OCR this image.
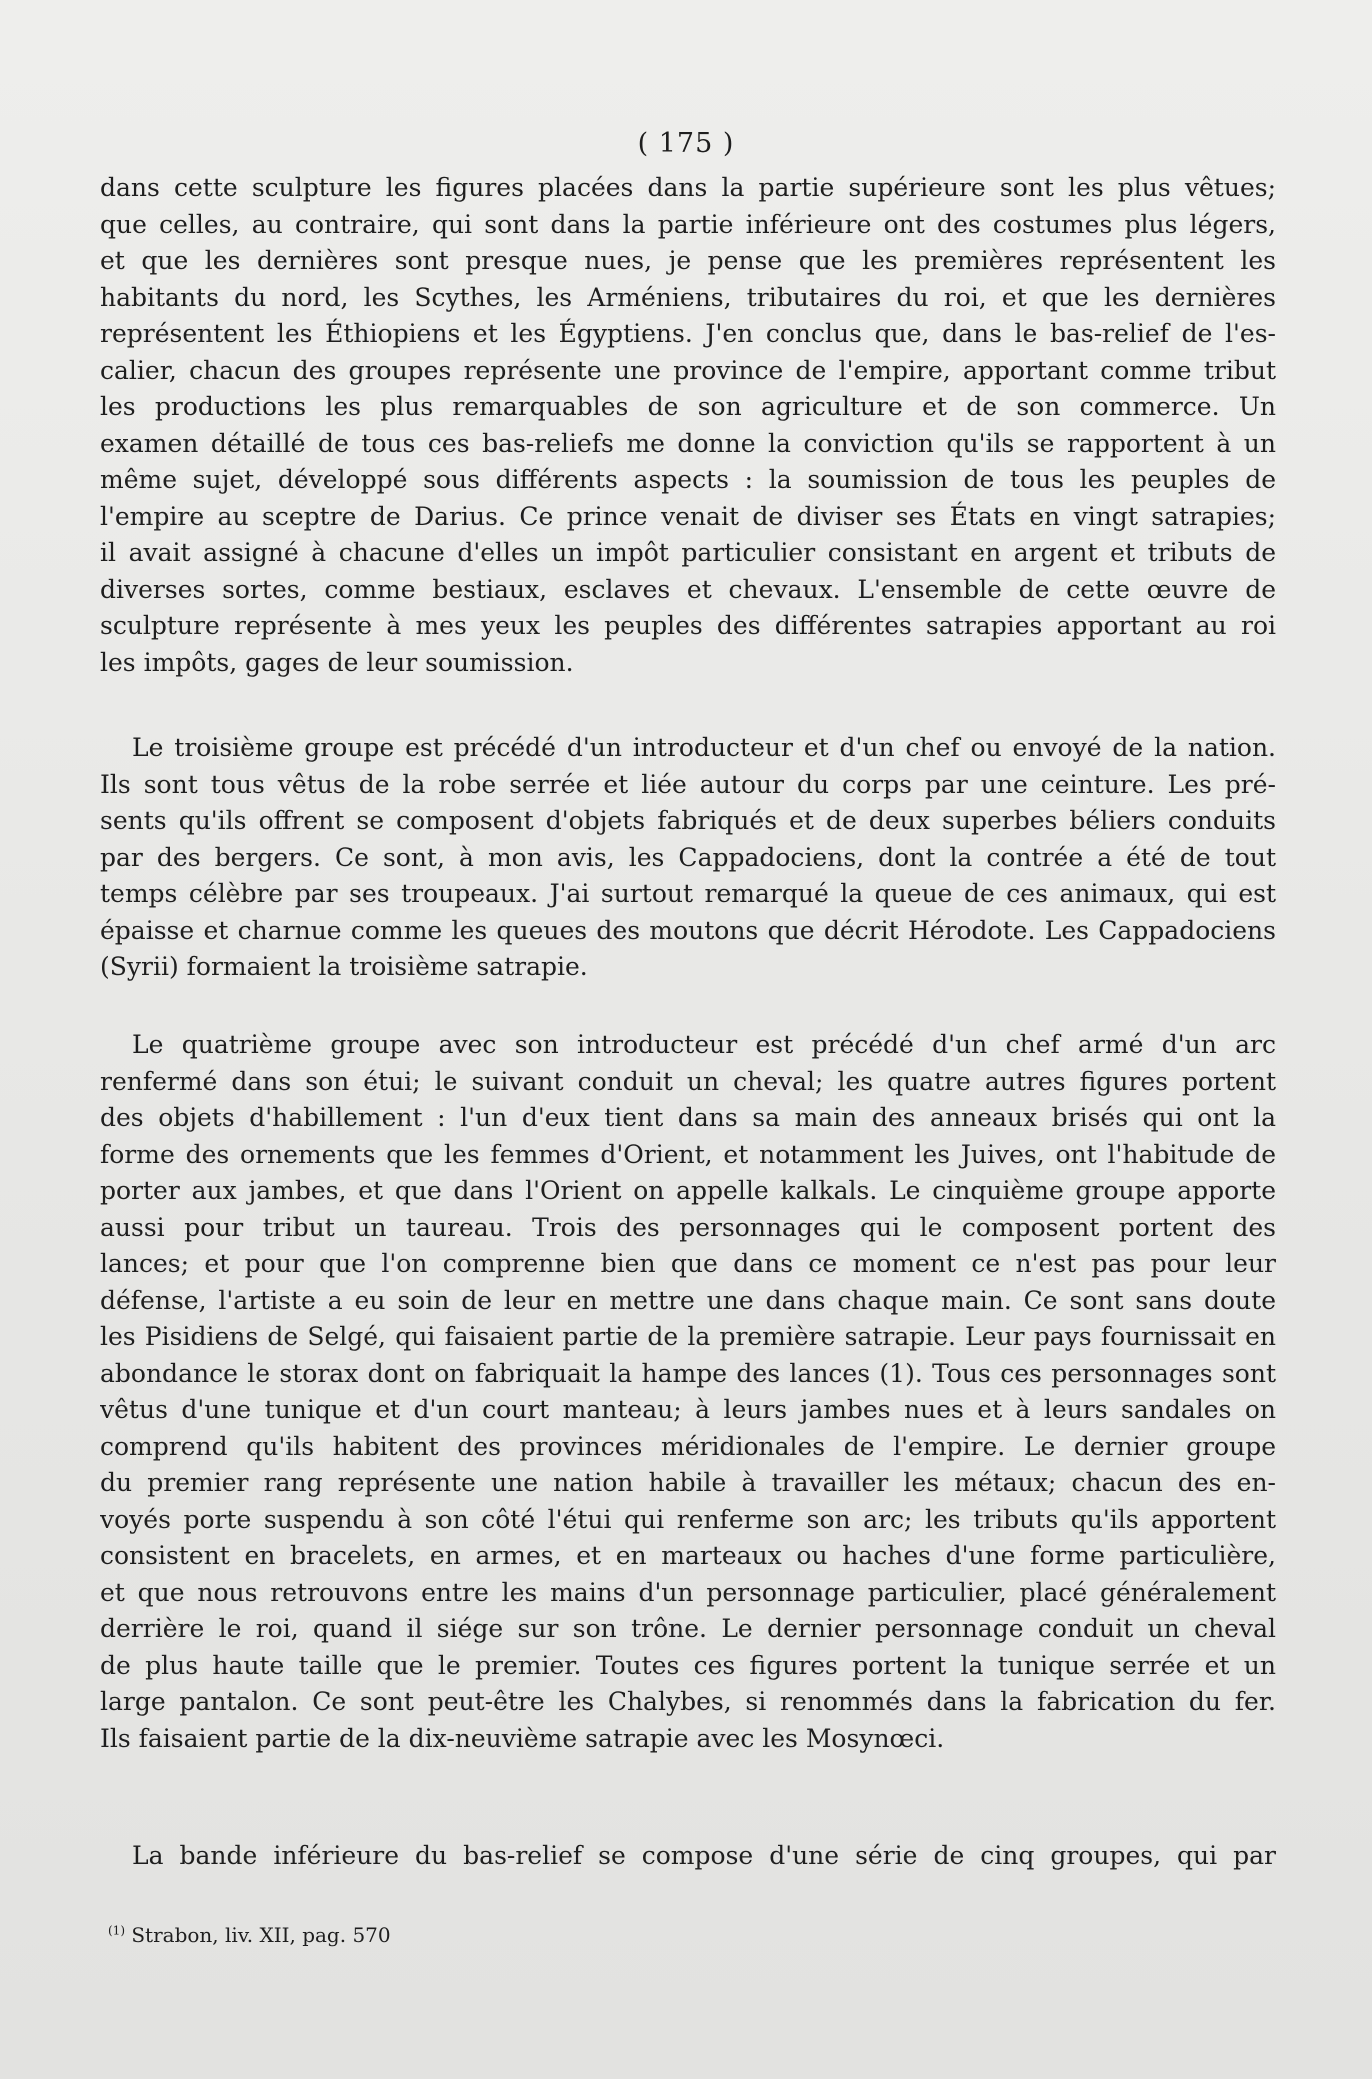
( 175 )
dans cette sculpture les figures placées dans la partie supérieure sont les plus vêtues;
que celles, au contraire, qui sont dans la partie inférieure ont des costumes plus légers,
et que les dernières sont presque nues, je pense que les premières représentent les
habitants du nord, les Scythes, les Arméniens, tributaires du roi, et que les dernières
représentent les Éthiopiens et les Égyptiens. J'en conclus que, dans le bas-relief de l'es-
calier, chacun des groupes représente une province de l'empire, apportant comme tribut
les productions les plus remarquables de son agriculture et de son commerce. Un
examen détaillé de tous ces bas-reliefs me donne la conviction qu'ils se rapportent à un
même sujet, développé sous différents aspects : la soumission de tous les peuples de
l'empire au sceptre de Darius. Ce prince venait de diviser ses États en vingt satrapies;
il avait assigné à chacune d'elles un impôt particulier consistant en argent et tributs de
diverses sortes, comme bestiaux, esclaves et chevaux. L'ensemble de cette œuvre de
sculpture représente à mes yeux les peuples des différentes satrapies apportant au roi
les impôts, gages de leur soumission.
Le troisième groupe est précédé d'un introducteur et d'un chef ou envoyé de la nation.
Ils sont tous vêtus de la robe serrée et liée autour du corps par une ceinture. Les pré-
sents qu'ils offrent se composent d'objets fabriqués et de deux superbes béliers conduits
par des bergers. Ce sont, à mon avis, les Cappadociens, dont la contrée a été de tout
temps célèbre par ses troupeaux. J'ai surtout remarqué la queue de ces animaux, qui est
épaisse et charnue comme les queues des moutons que décrit Hérodote. Les Cappadociens
(Syrii) formaient la troisième satrapie.
Le quatrième groupe avec son introducteur est précédé d'un chef armé d'un arc
renfermé dans son étui; le suivant conduit un cheval; les quatre autres figures portent
des objets d'habillement : l'un d'eux tient dans sa main des anneaux brisés qui ont la
forme des ornements que les femmes d'Orient, et notamment les Juives, ont l'habitude de
porter aux jambes, et que dans l'Orient on appelle kalkals. Le cinquième groupe apporte
aussi pour tribut un taureau. Trois des personnages qui le composent portent des
lances; et pour que l'on comprenne bien que dans ce moment ce n'est pas pour leur
défense, l'artiste a eu soin de leur en mettre une dans chaque main. Ce sont sans doute
les Pisidiens de Selgé, qui faisaient partie de la première satrapie. Leur pays fournissait en
abondance le storax dont on fabriquait la hampe des lances (1). Tous ces personnages sont
vêtus d'une tunique et d'un court manteau; à leurs jambes nues et à leurs sandales on
comprend qu'ils habitent des provinces méridionales de l'empire. Le dernier groupe
du premier rang représente une nation habile à travailler les métaux; chacun des en-
voyés porte suspendu à son côté l'étui qui renferme son arc; les tributs qu'ils apportent
consistent en bracelets, en armes, et en marteaux ou haches d'une forme particulière,
et que nous retrouvons entre les mains d'un personnage particulier, placé généralement
derrière le roi, quand il siége sur son trône. Le dernier personnage conduit un cheval
de plus haute taille que le premier. Toutes ces figures portent la tunique serrée et un
large pantalon. Ce sont peut-être les Chalybes, si renommés dans la fabrication du fer.
Ils faisaient partie de la dix-neuvième satrapie avec les Mosynœci.
La bande inférieure du bas-relief se compose d'une série de cinq groupes, qui par
$^{(1)}$ Strabon, liv. XII, pag. 570
